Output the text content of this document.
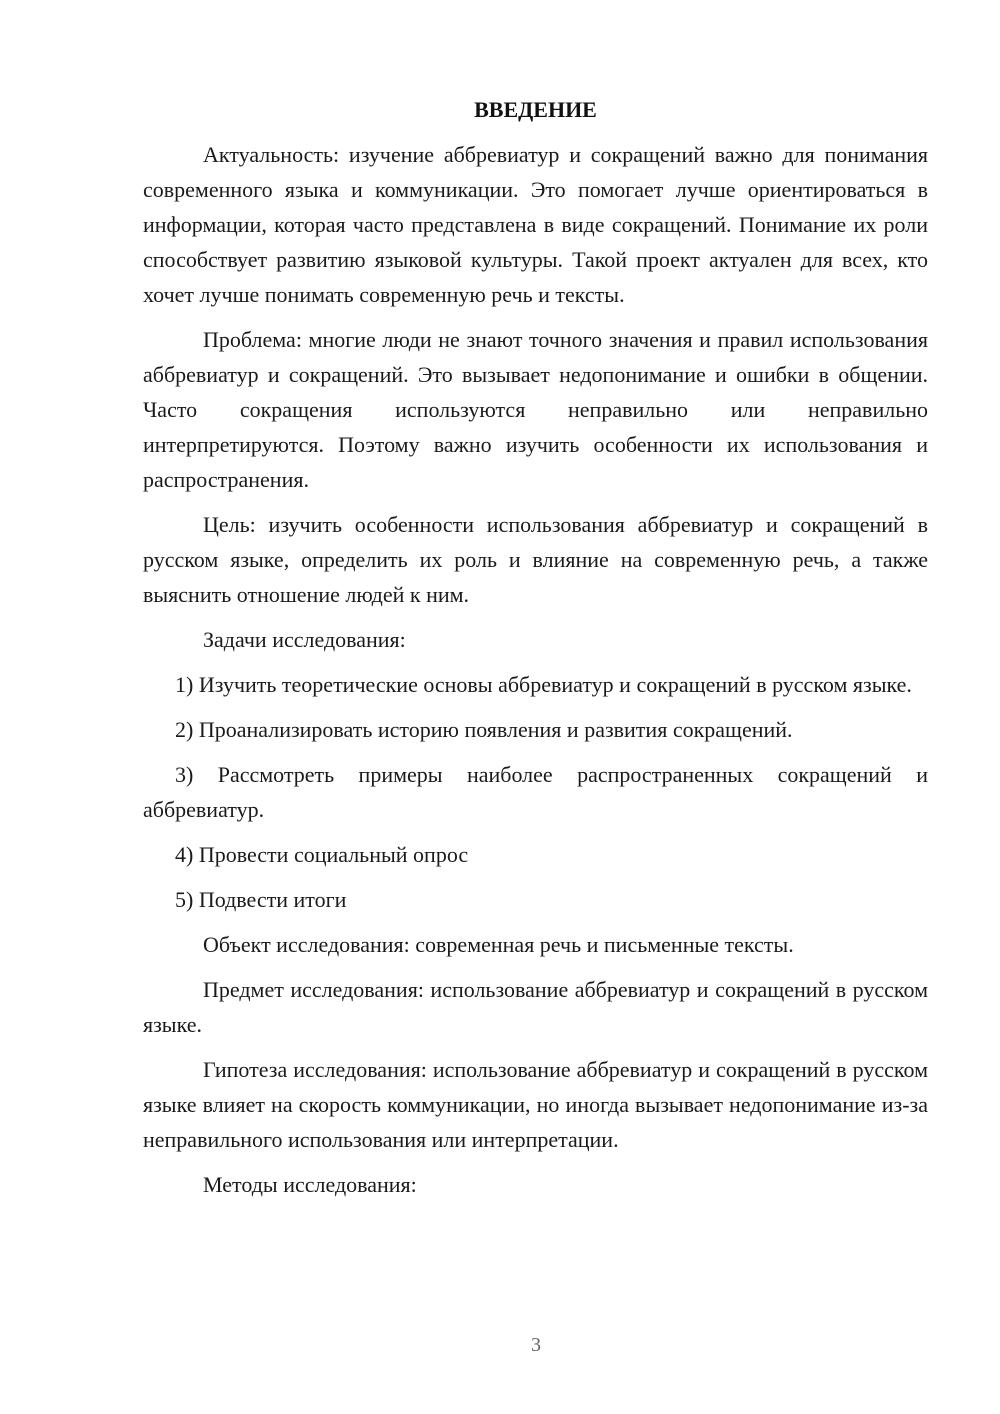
ВВЕДЕНИЕ

Актуальность: изучение аббревиатур и сокращений важно для понимания современного языка и коммуникации. Это помогает лучше ориентироваться в информации, которая часто представлена в виде сокращений. Понимание их роли способствует развитию языковой культуры. Такой проект актуален для всех, кто хочет лучше понимать современную речь и тексты.

Проблема: многие люди не знают точного значения и правил использования аббревиатур и сокращений. Это вызывает недопонимание и ошибки в общении. Часто сокращения используются неправильно или неправильно интерпретируются. Поэтому важно изучить особенности их использования и распространения.

Цель: изучить особенности использования аббревиатур и сокращений в русском языке, определить их роль и влияние на современную речь, а также выяснить отношение людей к ним.

Задачи исследования:

1) Изучить теоретические основы аббревиатур и сокращений в русском языке.

2) Проанализировать историю появления и развития сокращений.

3) Рассмотреть примеры наиболее распространенных сокращений и аббревиатур.

4) Провести социальный опрос

5) Подвести итоги

Объект исследования: современная речь и письменные тексты.

Предмет исследования: использование аббревиатур и сокращений в русском языке.

Гипотеза исследования: использование аббревиатур и сокращений в русском языке влияет на скорость коммуникации, но иногда вызывает недопонимание из-за неправильного использования или интерпретации.

Методы исследования:

3
